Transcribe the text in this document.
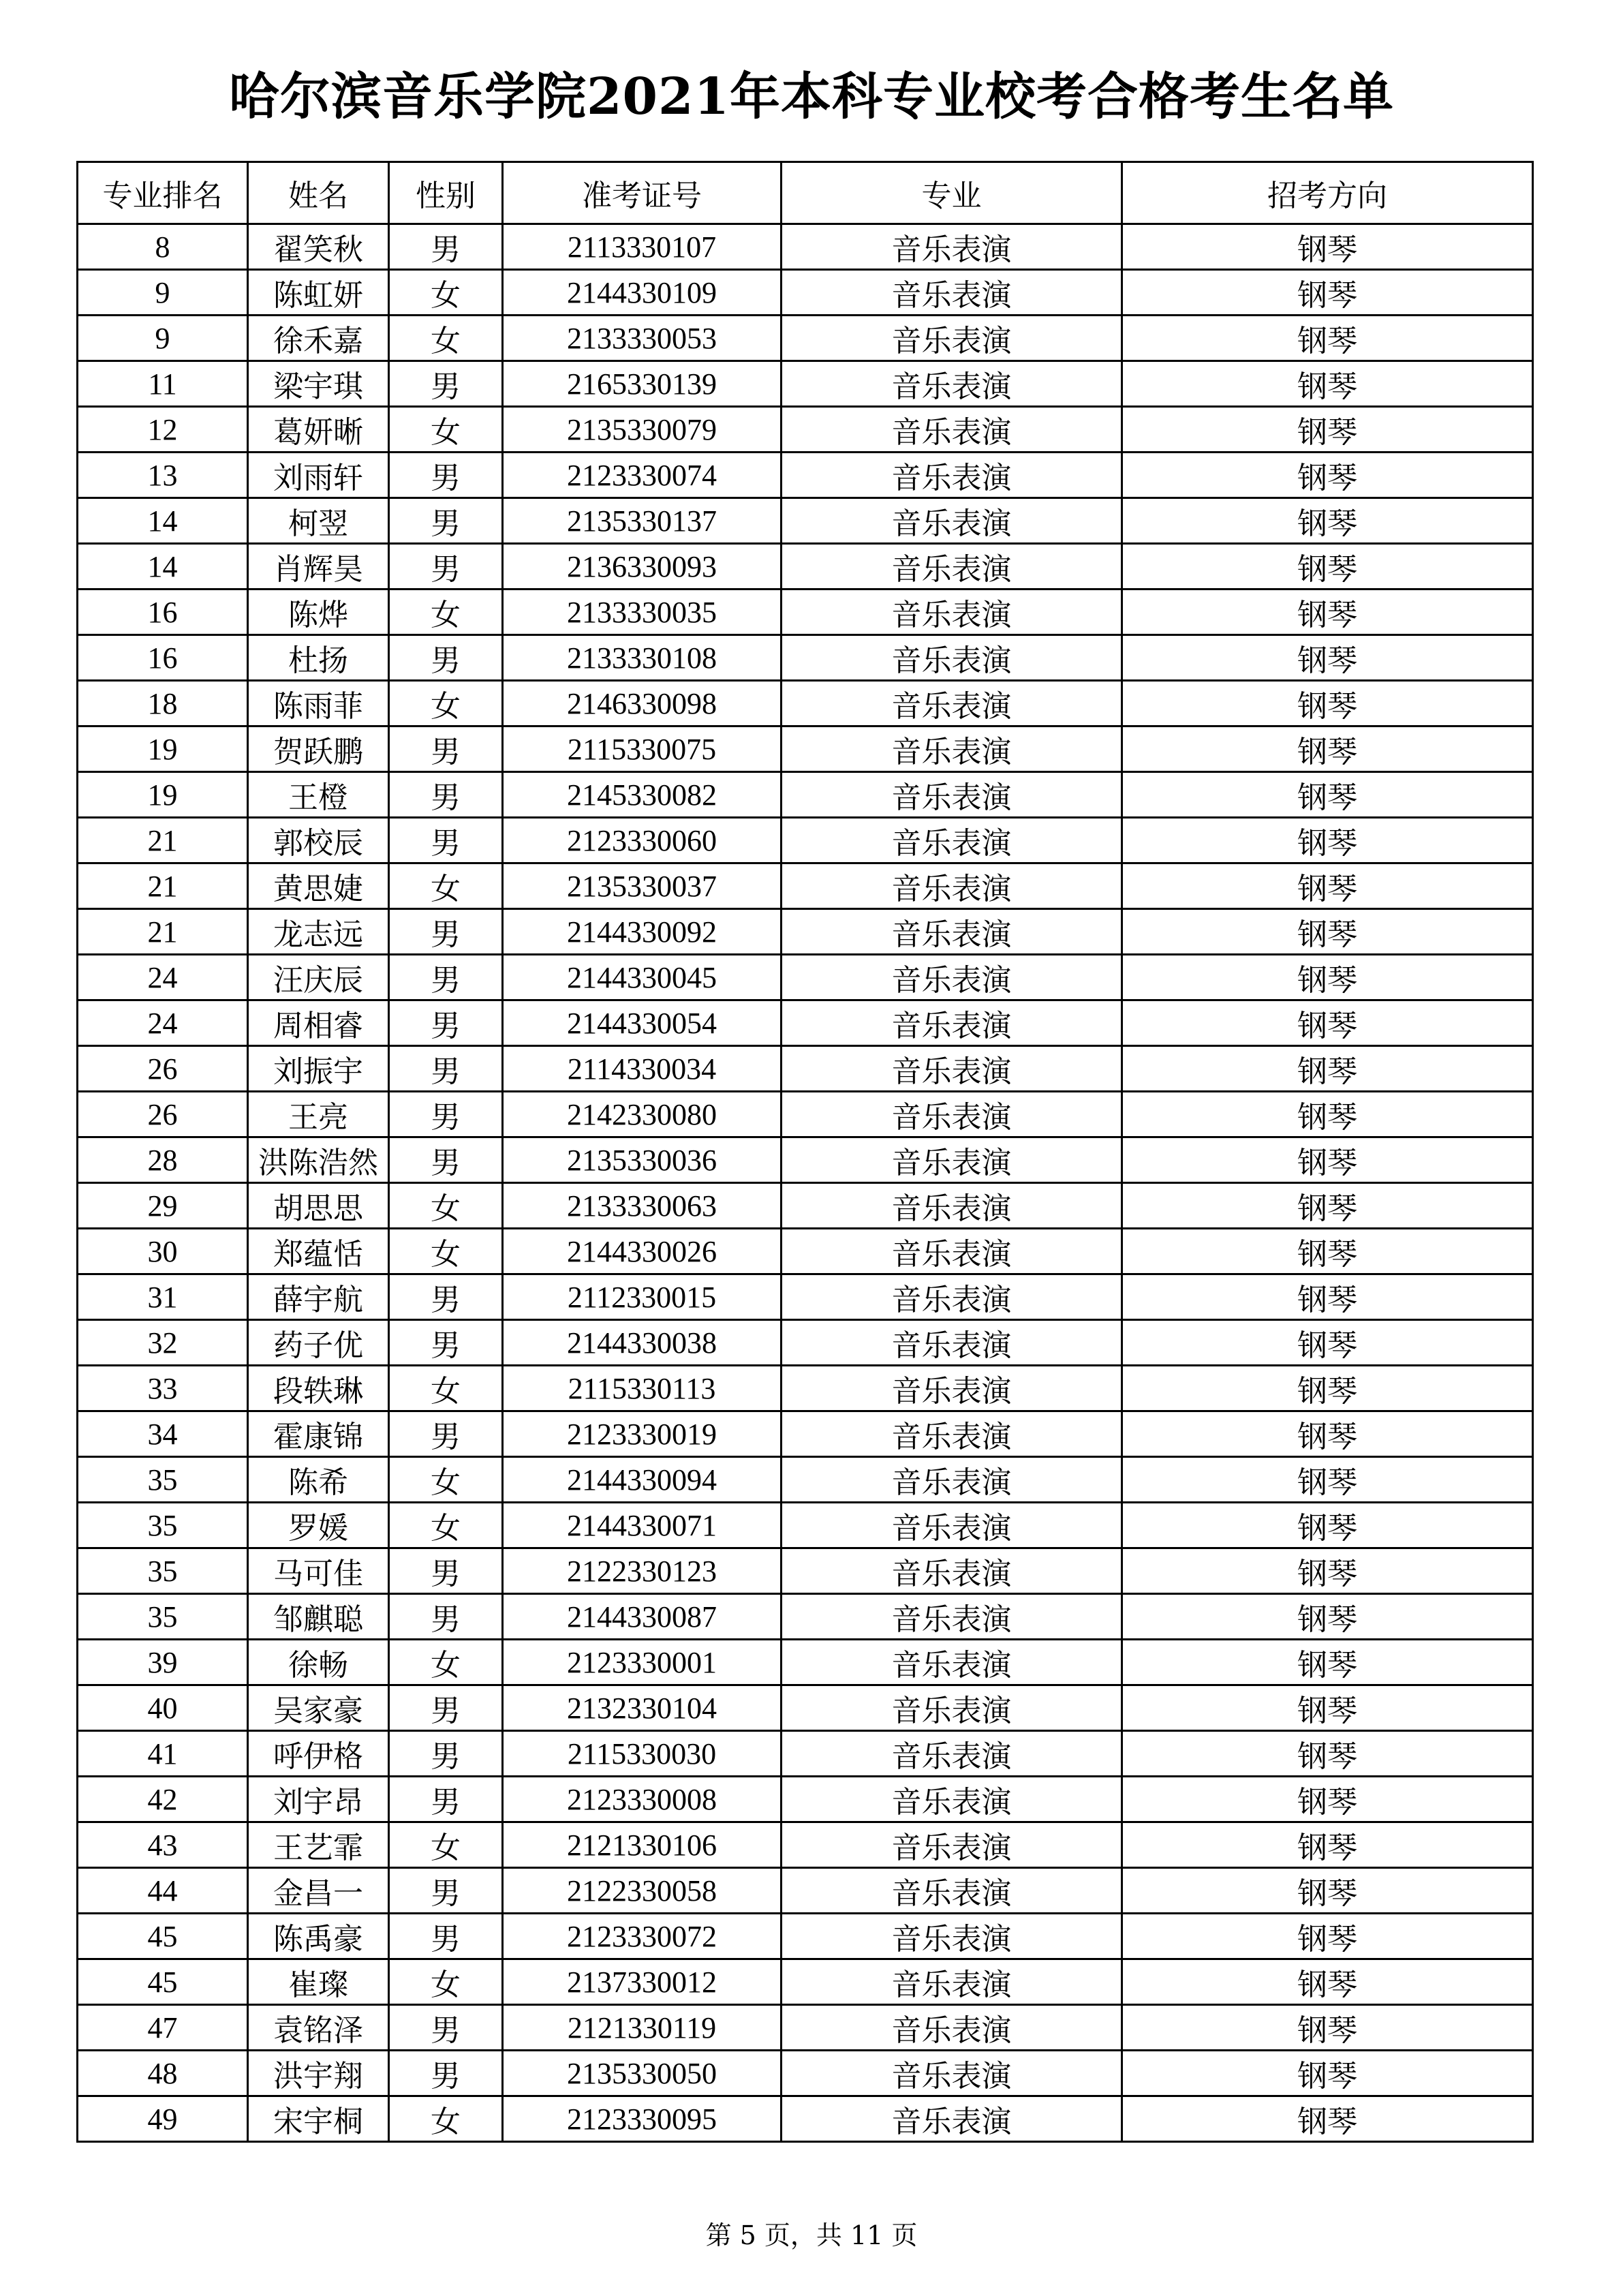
哈尔滨音乐学院2021年本科专业校考合格考生名单
专业排名	姓名	性别	准考证号	专业	招考方向
8	翟笑秋	男	2113330107	音乐表演	钢琴
9	陈虹妍	女	2144330109	音乐表演	钢琴
9	徐禾嘉	女	2133330053	音乐表演	钢琴
11	梁宇琪	男	2165330139	音乐表演	钢琴
12	葛妍晰	女	2135330079	音乐表演	钢琴
13	刘雨轩	男	2123330074	音乐表演	钢琴
14	柯翌	男	2135330137	音乐表演	钢琴
14	肖辉昊	男	2136330093	音乐表演	钢琴
16	陈烨	女	2133330035	音乐表演	钢琴
16	杜扬	男	2133330108	音乐表演	钢琴
18	陈雨菲	女	2146330098	音乐表演	钢琴
19	贺跃鹏	男	2115330075	音乐表演	钢琴
19	王橙	男	2145330082	音乐表演	钢琴
21	郭校辰	男	2123330060	音乐表演	钢琴
21	黄思婕	女	2135330037	音乐表演	钢琴
21	龙志远	男	2144330092	音乐表演	钢琴
24	汪庆辰	男	2144330045	音乐表演	钢琴
24	周相睿	男	2144330054	音乐表演	钢琴
26	刘振宇	男	2114330034	音乐表演	钢琴
26	王亮	男	2142330080	音乐表演	钢琴
28	洪陈浩然	男	2135330036	音乐表演	钢琴
29	胡思思	女	2133330063	音乐表演	钢琴
30	郑蕴恬	女	2144330026	音乐表演	钢琴
31	薛宇航	男	2112330015	音乐表演	钢琴
32	药子优	男	2144330038	音乐表演	钢琴
33	段轶琳	女	2115330113	音乐表演	钢琴
34	霍康锦	男	2123330019	音乐表演	钢琴
35	陈希	女	2144330094	音乐表演	钢琴
35	罗媛	女	2144330071	音乐表演	钢琴
35	马可佳	男	2122330123	音乐表演	钢琴
35	邹麒聪	男	2144330087	音乐表演	钢琴
39	徐畅	女	2123330001	音乐表演	钢琴
40	吴家豪	男	2132330104	音乐表演	钢琴
41	呼伊格	男	2115330030	音乐表演	钢琴
42	刘宇昂	男	2123330008	音乐表演	钢琴
43	王艺霏	女	2121330106	音乐表演	钢琴
44	金昌一	男	2122330058	音乐表演	钢琴
45	陈禹豪	男	2123330072	音乐表演	钢琴
45	崔璨	女	2137330012	音乐表演	钢琴
47	袁铭泽	男	2121330119	音乐表演	钢琴
48	洪宇翔	男	2135330050	音乐表演	钢琴
49	宋宇桐	女	2123330095	音乐表演	钢琴
第 5 页，共 11 页
